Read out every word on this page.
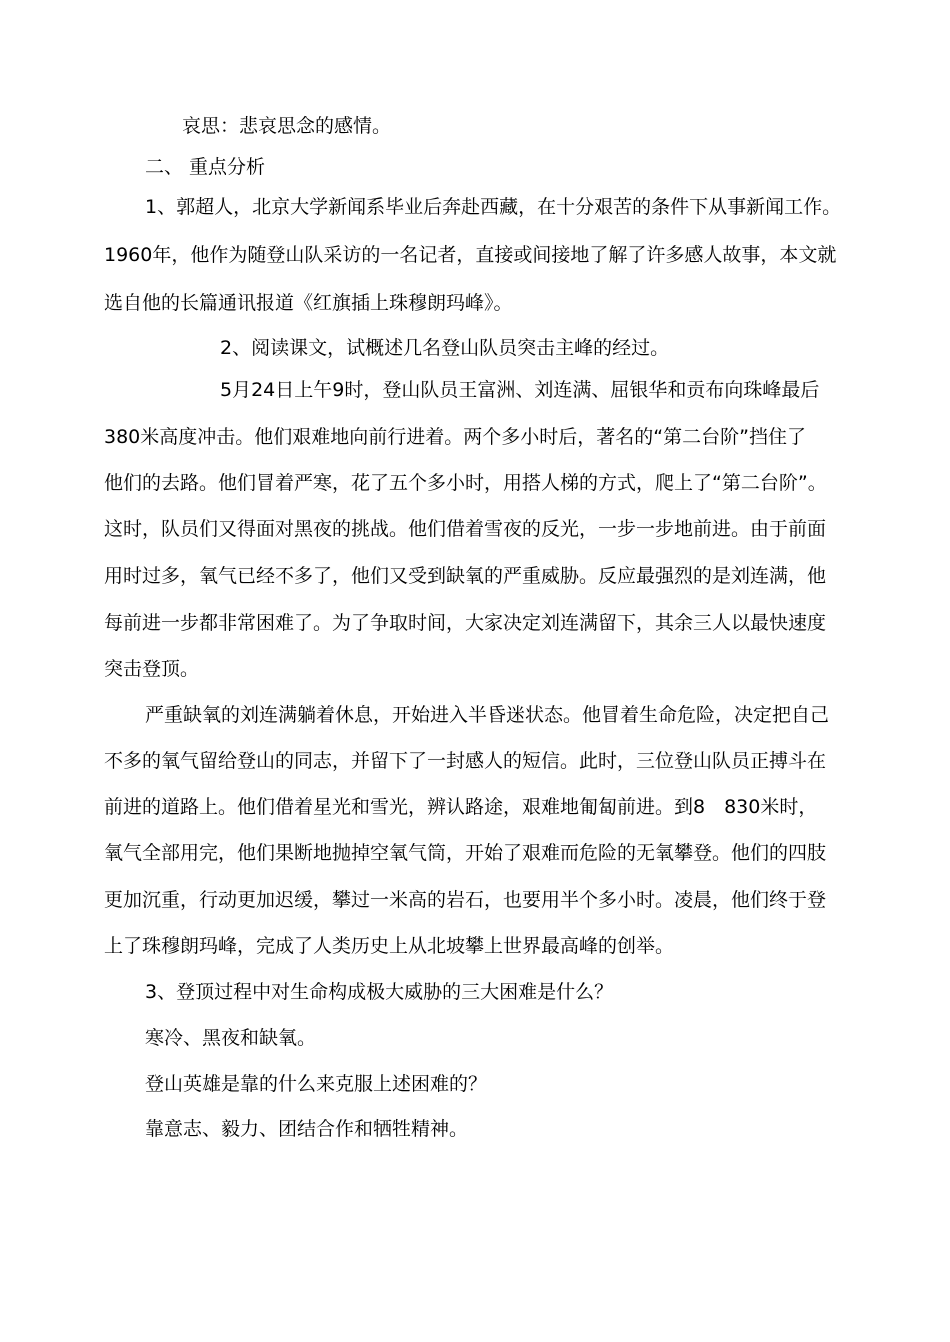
哀思：悲哀思念的感情。
二、 重点分析
1、郭超人，北京大学新闻系毕业后奔赴西藏，在十分艰苦的条件下从事新闻工作。
1960年，他作为随登山队采访的一名记者，直接或间接地了解了许多感人故事，本文就
选自他的长篇通讯报道《红旗插上珠穆朗玛峰》。
2、阅读课文，试概述几名登山队员突击主峰的经过。
5月24日上午9时，登山队员王富洲、刘连满、屈银华和贡布向珠峰最后
380米高度冲击。他们艰难地向前行进着。两个多小时后，著名的“第二台阶”挡住了
他们的去路。他们冒着严寒，花了五个多小时，用搭人梯的方式，爬上了“第二台阶”。
这时，队员们又得面对黑夜的挑战。他们借着雪夜的反光，一步一步地前进。由于前面
用时过多，氧气已经不多了，他们又受到缺氧的严重威胁。反应最强烈的是刘连满，他
每前进一步都非常困难了。为了争取时间，大家决定刘连满留下，其余三人以最快速度
突击登顶。
严重缺氧的刘连满躺着休息，开始进入半昏迷状态。他冒着生命危险，决定把自己
不多的氧气留给登山的同志，并留下了一封感人的短信。此时，三位登山队员正搏斗在
前进的道路上。他们借着星光和雪光，辨认路途，艰难地匍匐前进。到8　830米时，
氧气全部用完，他们果断地抛掉空氧气筒，开始了艰难而危险的无氧攀登。他们的四肢
更加沉重，行动更加迟缓，攀过一米高的岩石，也要用半个多小时。凌晨，他们终于登
上了珠穆朗玛峰，完成了人类历史上从北坡攀上世界最高峰的创举。
3、登顶过程中对生命构成极大威胁的三大困难是什么？
寒冷、黑夜和缺氧。
登山英雄是靠的什么来克服上述困难的？
靠意志、毅力、团结合作和牺牲精神。
